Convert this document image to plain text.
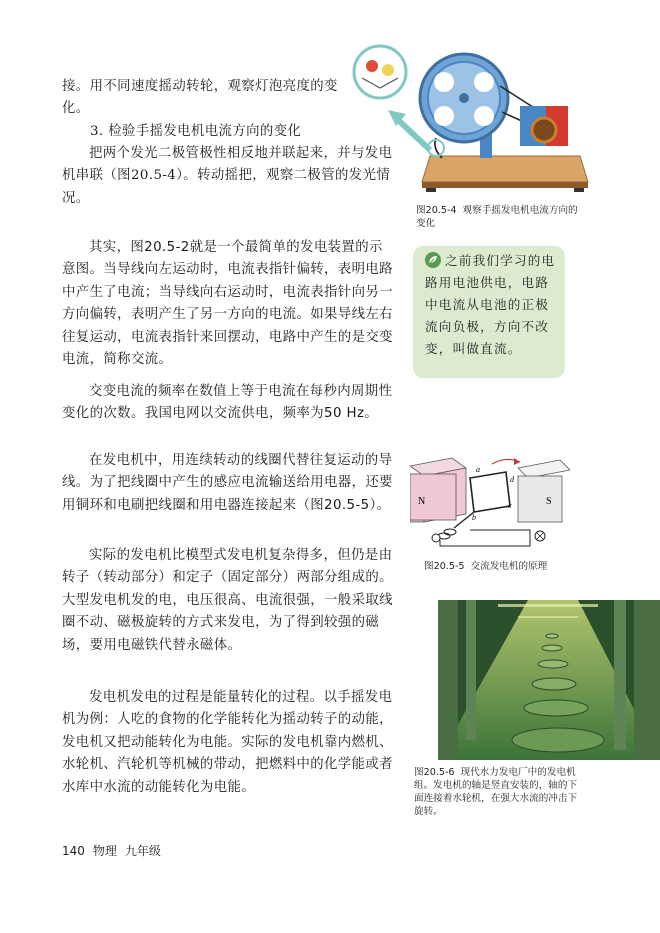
接。用不同速度摇动转轮，观察灯泡亮度的变化。

3. 检验手摇发电机电流方向的变化

把两个发光二极管极性相反地并联起来，并与发电机串联（图20.5-4）。转动摇把，观察二极管的发光情况。

其实，图20.5-2就是一个最简单的发电装置的示意图。当导线向左运动时，电流表指针偏转，表明电路中产生了电流；当导线向右运动时，电流表指针向另一方向偏转，表明产生了另一方向的电流。如果导线左右往复运动，电流表指针来回摆动，电路中产生的是交变电流，简称交流。

交变电流的频率在数值上等于电流在每秒内周期性变化的次数。我国电网以交流供电，频率为50 Hz。

在发电机中，用连续转动的线圈代替往复运动的导线。为了把线圈中产生的感应电流输送给用电器，还要用铜环和电刷把线圈和用电器连接起来（图20.5-5）。

实际的发电机比模型式发电机复杂得多，但仍是由转子（转动部分）和定子（固定部分）两部分组成的。大型发电机发的电，电压很高、电流很强，一般采取线圈不动、磁极旋转的方式来发电，为了得到较强的磁场，要用电磁铁代替永磁体。

发电机发电的过程是能量转化的过程。以手摇发电机为例：人吃的食物的化学能转化为摇动转子的动能，发电机又把动能转化为电能。实际的发电机靠内燃机、水轮机、汽轮机等机械的带动，把燃料中的化学能或者水库中水流的动能转化为电能。

图20.5-4 观察手摇发电机电流方向的变化
之前我们学习的电路用电池供电，电路中电流从电池的正极流向负极，方向不改变，叫做直流。
N	S
a
b
c
d
图20.5-5 交流发电机的原理
图20.5-6 现代水力发电厂中的发电机组。发电机的轴是竖直安装的，轴的下面连接着水轮机，在强大水流的冲击下旋转。
140 物理 九年级
